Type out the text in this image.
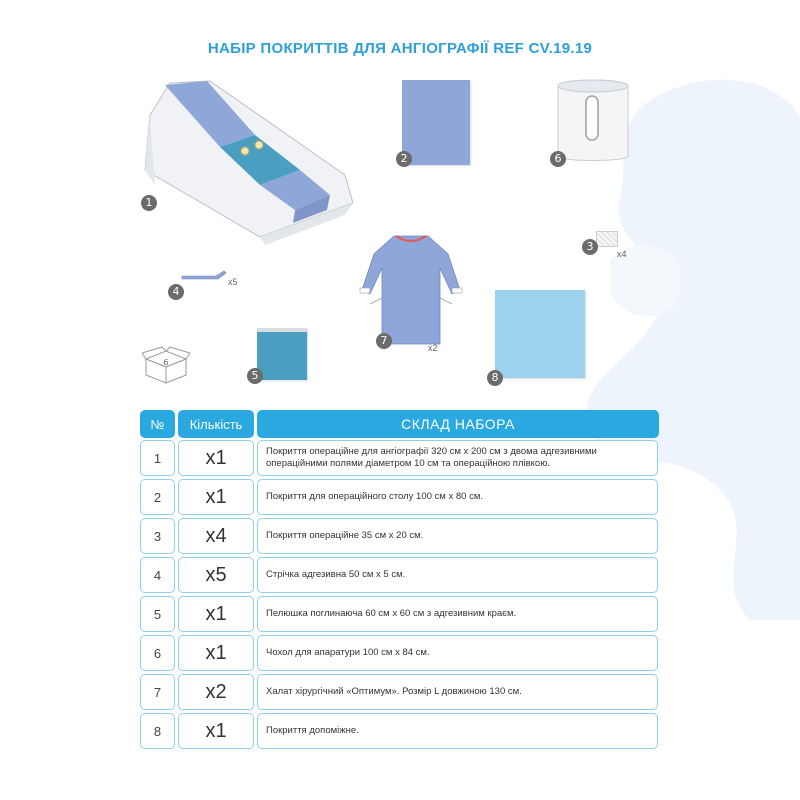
НАБІР ПОКРИТТІВ ДЛЯ АНГІОГРАФІЇ REF CV.19.19
1
2	6
3
x4
4
x5
7
x2
8
5
6
№	Кількість	СКЛАД НАБОРА
1	x1	Покриття операційне для ангіографії 320 см х 200 см з двома адгезивними операційними полями діаметром 10 см та операційною плівкою.
2	x1	Покриття для операційного столу 100 см х 80 см.
3	x4	Покриття операційне 35 см х 20 см.
4	x5	Стрічка адгезивна 50 см х 5 см.
5	x1	Пелюшка поглинаюча 60 см х 60 см з адгезивним краєм.
6	x1	Чохол для апаратури 100 см х 84 см.
7	x2	Халат хірургічний «Оптимум». Розмір L довжиною 130 см.
8	x1	Покриття допоміжне.
